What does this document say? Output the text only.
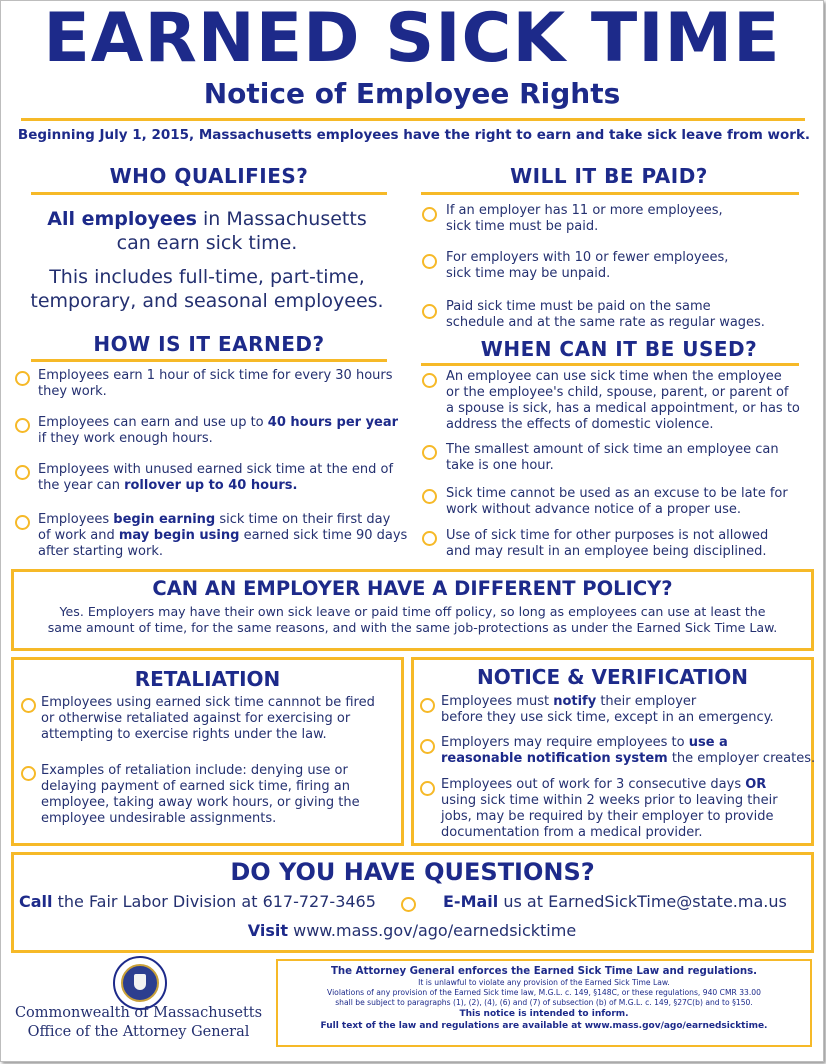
EARNED SICK TIME
Notice of Employee Rights
Beginning July 1, 2015, Massachusetts employees have the right to earn and take sick leave from work.
WHO QUALIFIES?
All employees in Massachusetts
can earn sick time.
This includes full-time, part-time,
temporary, and seasonal employees.
HOW IS IT EARNED?
Employees earn 1 hour of sick time for every 30 hours
they work.
Employees can earn and use up to 40 hours per year
if they work enough hours.
Employees with unused earned sick time at the end of
the year can rollover up to 40 hours.
Employees begin earning sick time on their first day
of work and may begin using earned sick time 90 days
after starting work.
WILL IT BE PAID?
If an employer has 11 or more employees,
sick time must be paid.
For employers with 10 or fewer employees,
sick time may be unpaid.
Paid sick time must be paid on the same
schedule and at the same rate as regular wages.
WHEN CAN IT BE USED?
An employee can use sick time when the employee
or the employee's child, spouse, parent, or parent of
a spouse is sick, has a medical appointment, or has to
address the effects of domestic violence.
The smallest amount of sick time an employee can
take is one hour.
Sick time cannot be used as an excuse to be late for
work without advance notice of a proper use.
Use of sick time for other purposes is not allowed
and may result in an employee being disciplined.
CAN AN EMPLOYER HAVE A DIFFERENT POLICY?
Yes. Employers may have their own sick leave or paid time off policy, so long as employees can use at least the
same amount of time, for the same reasons, and with the same job-protections as under the Earned Sick Time Law.
RETALIATION
Employees using earned sick time cannnot be fired
or otherwise retaliated against for exercising or
attempting to exercise rights under the law.
Examples of retaliation include: denying use or
delaying payment of earned sick time, firing an
employee, taking away work hours, or giving the
employee undesirable assignments.
NOTICE & VERIFICATION
Employees must notify their employer
before they use sick time, except in an emergency.
Employers may require employees to use a
reasonable notification system the employer creates.
Employees out of work for 3 consecutive days OR
using sick time within 2 weeks prior to leaving their
jobs, may be required by their employer to provide
documentation from a medical provider.
DO YOU HAVE QUESTIONS?
Call the Fair Labor Division at 617-727-3465	E-Mail us at EarnedSickTime@state.ma.us
Visit www.mass.gov/ago/earnedsicktime
Commonwealth of Massachusetts
Office of the Attorney General
The Attorney General enforces the Earned Sick Time Law and regulations.
It is unlawful to violate any provision of the Earned Sick Time Law.
Violations of any provision of the Earned Sick time law, M.G.L. c. 149, §148C, or these regulations, 940 CMR 33.00
shall be subject to paragraphs (1), (2), (4), (6) and (7) of subsection (b) of M.G.L. c. 149, §27C(b) and to §150.
This notice is intended to inform.
Full text of the law and regulations are available at www.mass.gov/ago/earnedsicktime.
